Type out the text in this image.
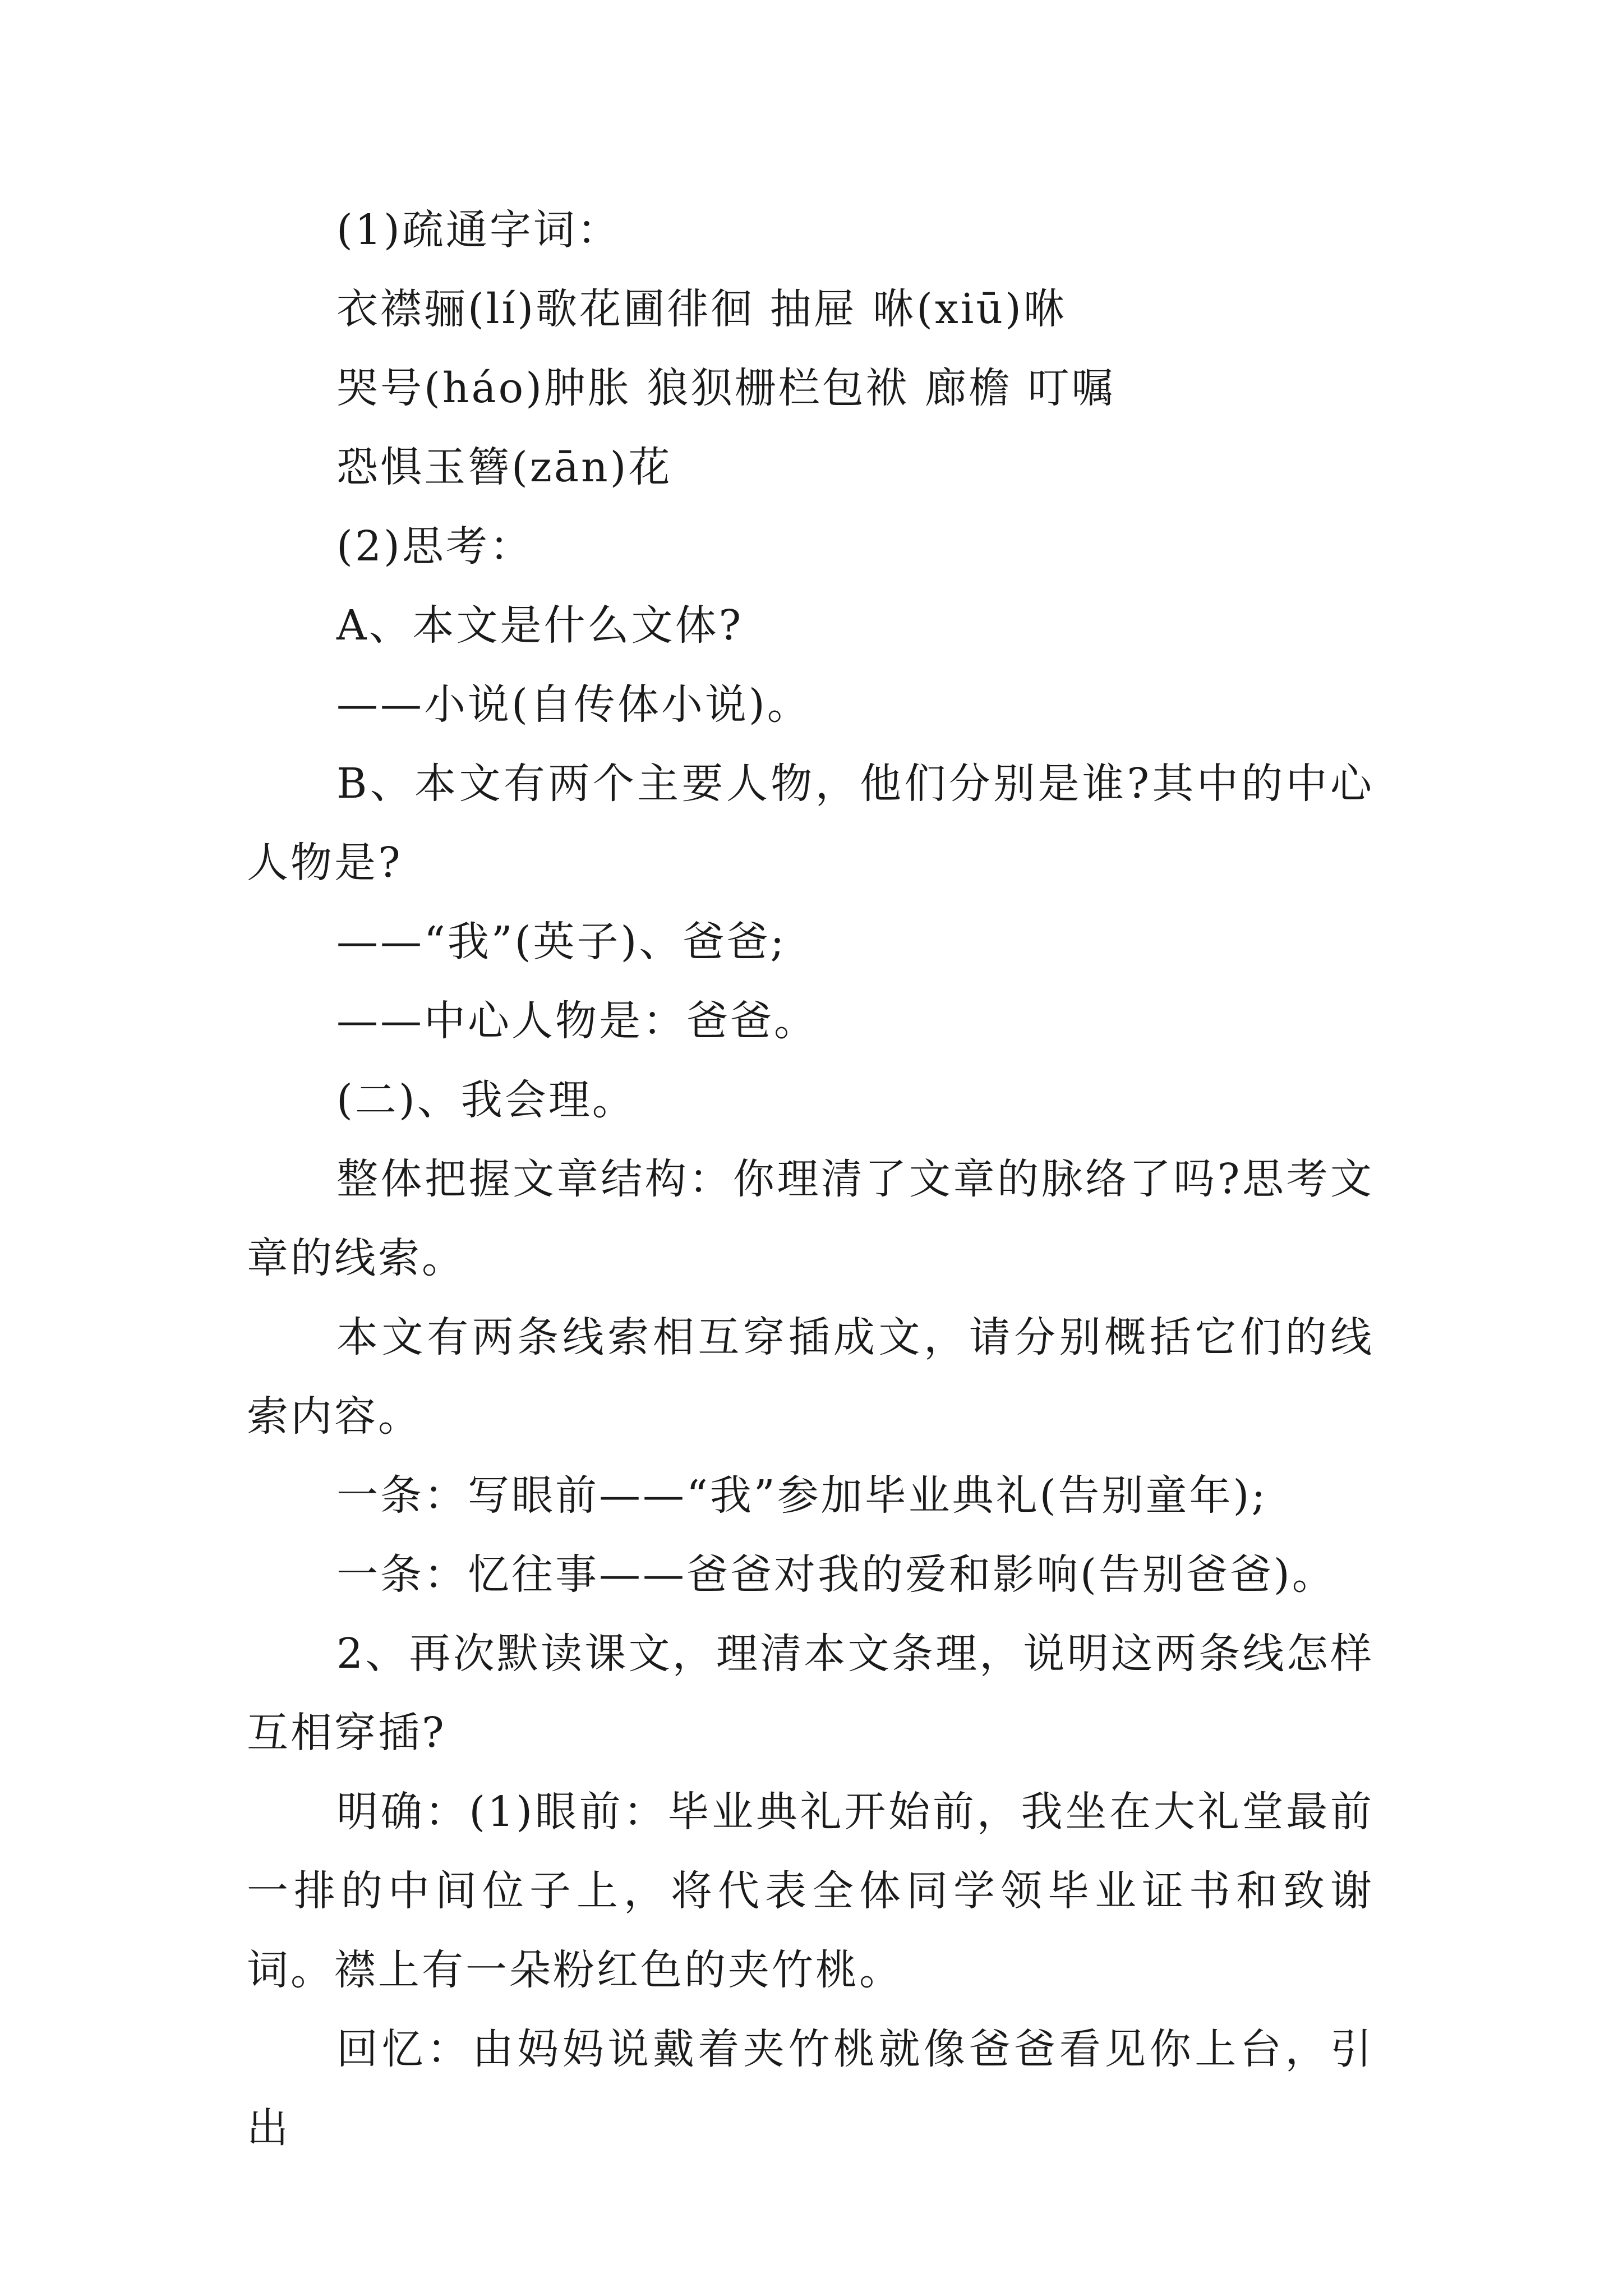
(1)疏通字词：

衣襟骊(lí)歌花圃徘徊 抽屉 咻(xiū)咻

哭号(háo)肿胀 狼狈栅栏包袱 廊檐 叮嘱

恐惧玉簪(zān)花

(2)思考：

A、本文是什么文体?

——小说(自传体小说)。

B、本文有两个主要人物，他们分别是谁?其中的中心人物是?

——“我”(英子)、爸爸;

——中心人物是：爸爸。

(二)、我会理。

整体把握文章结构：你理清了文章的脉络了吗?思考文章的线索。

本文有两条线索相互穿插成文，请分别概括它们的线索内容。

一条：写眼前——“我”参加毕业典礼(告别童年);

一条：忆往事——爸爸对我的爱和影响(告别爸爸)。

2、再次默读课文，理清本文条理，说明这两条线怎样互相穿插?

明确：(1)眼前：毕业典礼开始前，我坐在大礼堂最前一排的中间位子上，将代表全体同学领毕业证书和致谢词。襟上有一朵粉红色的夹竹桃。

回忆：由妈妈说戴着夹竹桃就像爸爸看见你上台，引出
